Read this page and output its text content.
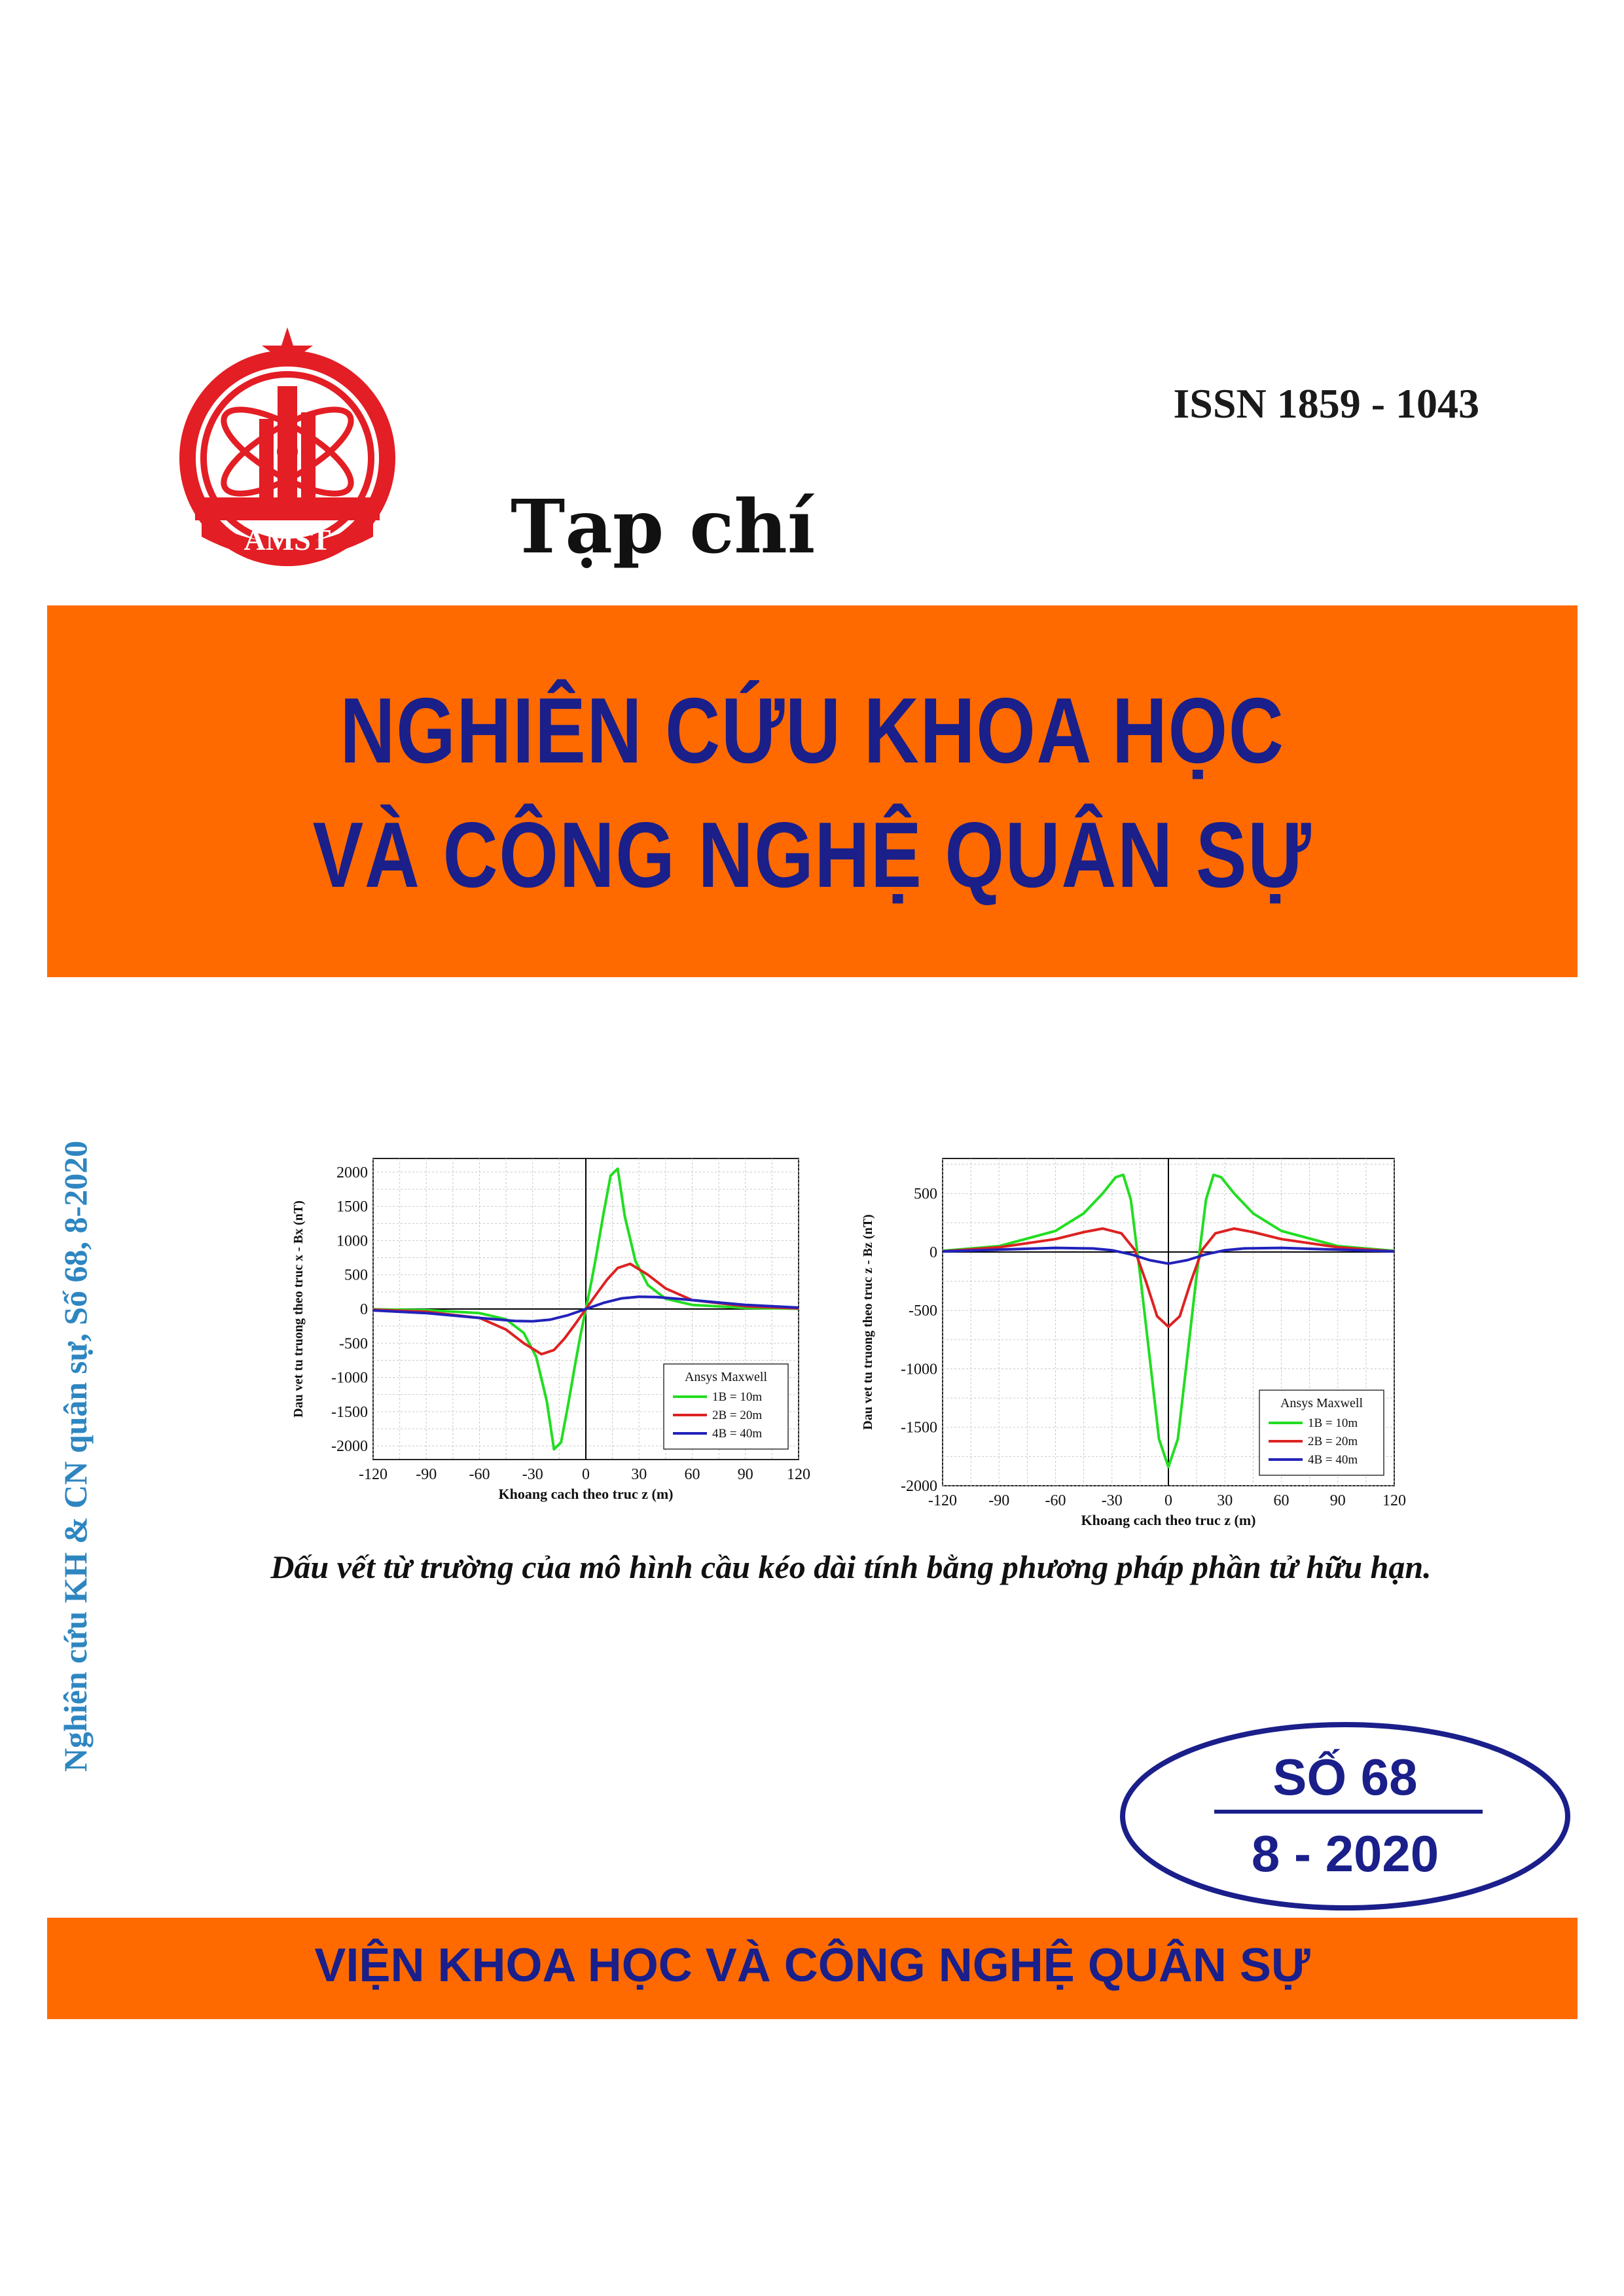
AMST
ISSN 1859 - 1043
Tạp chí
NGHIÊN CỨU KHOA HỌC
VÀ CÔNG NGHỆ QUÂN SỰ
Nghiên cứu KH & CN quân sự, Số 68, 8-2020	-120 -90 -60 -30 0	30 60 90 120
-2000
-1500
-1000
-500
0
500
1000
1500
2000
Khoang cach theo truc z (m)
Dau vet tu truong theo truc x - Bx (nT)	Ansys Maxwell
1B = 10m
2B = 20m
4B = 40m
-120 -90 -60 -30	0	30	60	90 120
-2000
-1500
-1000
-500
0
500
Khoang cach theo truc z (m)
Dau vet tu truong theo truc z - Bz (nT)	Ansys Maxwell
1B = 10m
2B = 20m
4B = 40m
Dấu vết từ trường của mô hình cầu kéo dài tính bằng phương pháp phần tử hữu hạn.
SỐ 68
8 - 2020
VIỆN KHOA HỌC VÀ CÔNG NGHỆ QUÂN SỰ
